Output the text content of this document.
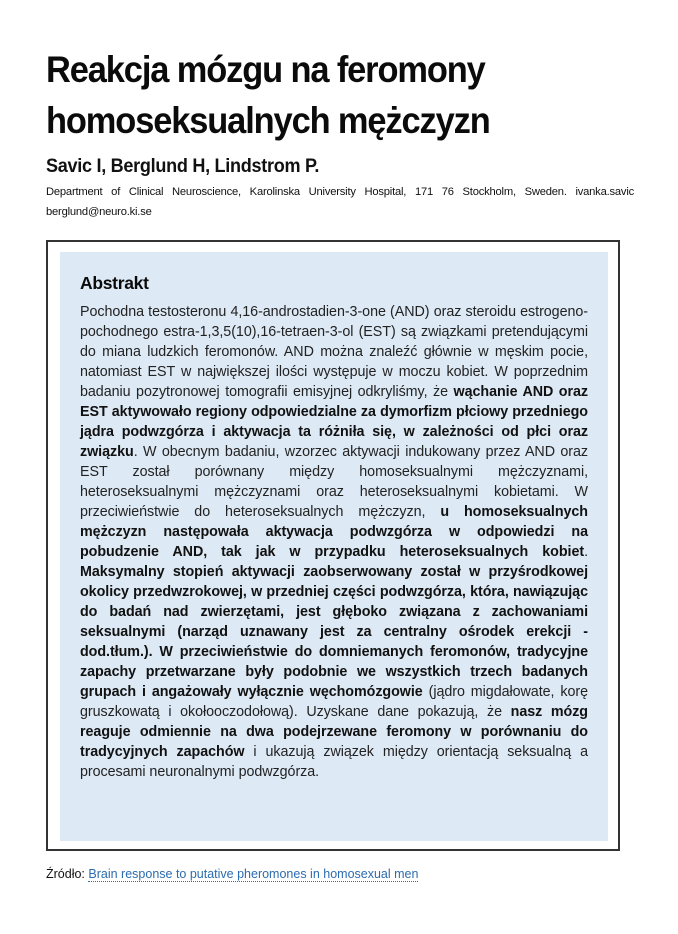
Reakcja mózgu na feromony homoseksualnych mężczyzn

Savic I, Berglund H, Lindstrom P.

Department of Clinical Neuroscience, Karolinska University Hospital, 171 76 Stockholm, Sweden. ivanka.savic berglund@neuro.ki.se

Abstrakt

Pochodna testosteronu 4,16-androstadien-3-one (AND) oraz steroidu estrogeno-pochodnego estra-1,3,5(10),16-tetraen-3-ol (EST) są związkami pretendującymi do miana ludzkich feromonów. AND można znaleźć głównie w męskim pocie, natomiast EST w największej ilości występuje w moczu kobiet. W poprzednim badaniu pozytronowej tomografii emisyjnej odkryliśmy, że wąchanie AND oraz EST aktywowało regiony odpowiedzialne za dymorfizm płciowy przedniego jądra podwzgórza i aktywacja ta różniła się, w zależności od płci oraz związku. W obecnym badaniu, wzorzec aktywacji indukowany przez AND oraz EST został porównany między homoseksualnymi mężczyznami, heteroseksualnymi mężczyznami oraz heteroseksualnymi kobietami. W przeciwieństwie do heteroseksualnych mężczyzn, u homoseksualnych mężczyzn następowała aktywacja podwzgórza w odpowiedzi na pobudzenie AND, tak jak w przypadku heteroseksualnych kobiet. Maksymalny stopień aktywacji zaobserwowany został w przyśrodkowej okolicy przedwzrokowej, w przedniej części podwzgórza, która, nawiązując do badań nad zwierzętami, jest głęboko związana z zachowaniami seksualnymi (narząd uznawany jest za centralny ośrodek erekcji - dod.tłum.). W przeciwieństwie do domniemanych feromonów, tradycyjne zapachy przetwarzane były podobnie we wszystkich trzech badanych grupach i angażowały wyłącznie węchomózgowie (jądro migdałowate, korę gruszkowatą i okołooczodołową). Uzyskane dane pokazują, że nasz mózg reaguje odmiennie na dwa podejrzewane feromony w porównaniu do tradycyjnych zapachów i ukazują związek między orientacją seksualną a procesami neuronalnymi podwzgórza.

Źródło: Brain response to putative pheromones in homosexual men
